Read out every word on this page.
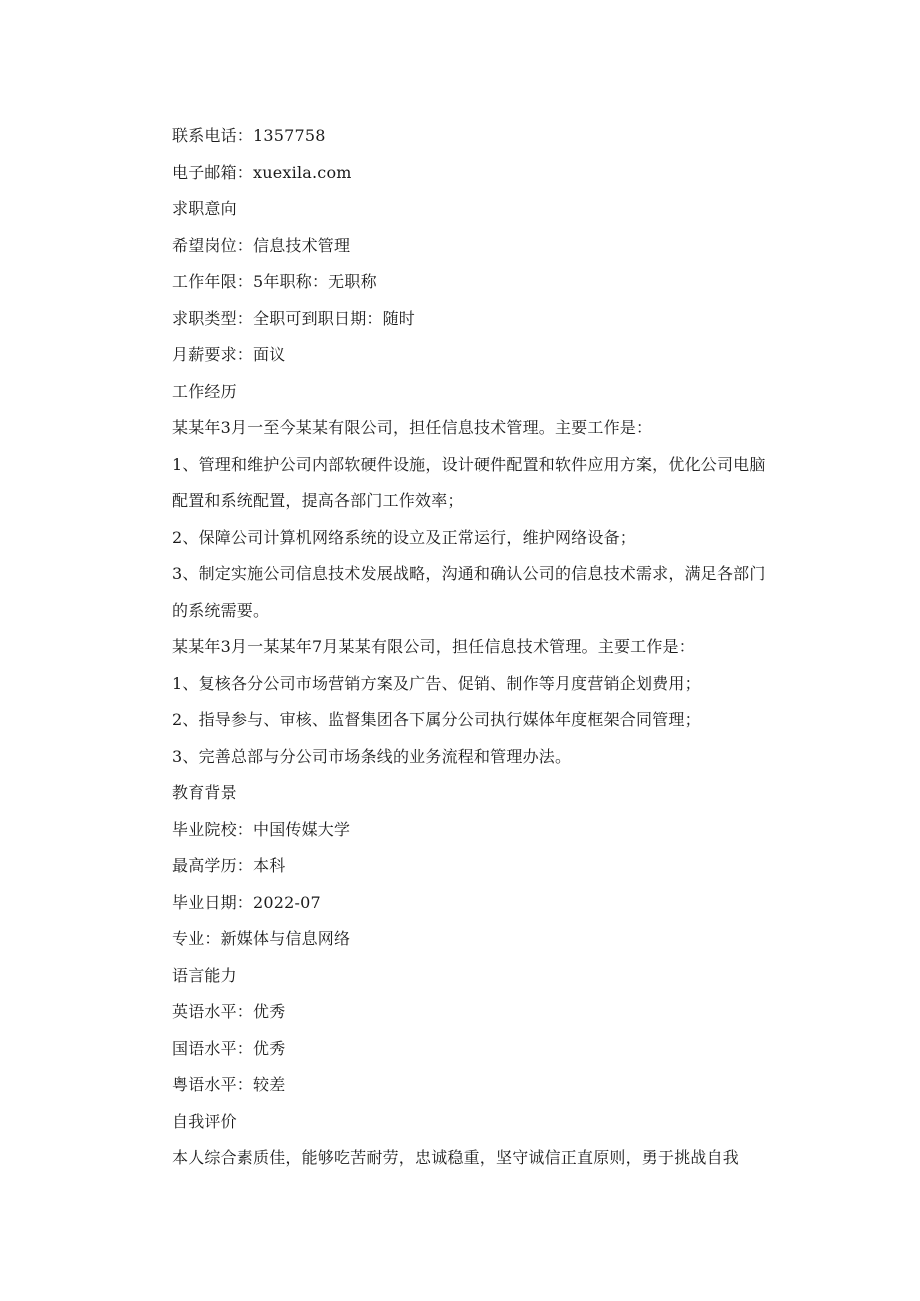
联系电话：1357758
电子邮箱：xuexila.com
求职意向
希望岗位：信息技术管理
工作年限：5年职称：无职称
求职类型：全职可到职日期：随时
月薪要求：面议
工作经历
某某年3月一至今某某有限公司，担任信息技术管理。主要工作是：
1、管理和维护公司内部软硬件设施，设计硬件配置和软件应用方案，优化公司电脑配置和系统配置，提高各部门工作效率；
2、保障公司计算机网络系统的设立及正常运行，维护网络设备；
3、制定实施公司信息技术发展战略，沟通和确认公司的信息技术需求，满足各部门的系统需要。
某某年3月一某某年7月某某有限公司，担任信息技术管理。主要工作是：
1、复核各分公司市场营销方案及广告、促销、制作等月度营销企划费用；
2、指导参与、审核、监督集团各下属分公司执行媒体年度框架合同管理；
3、完善总部与分公司市场条线的业务流程和管理办法。
教育背景
毕业院校：中国传媒大学
最高学历：本科
毕业日期：2022-07
专业：新媒体与信息网络
语言能力
英语水平：优秀
国语水平：优秀
粤语水平：较差
自我评价
本人综合素质佳，能够吃苦耐劳，忠诚稳重，坚守诚信正直原则，勇于挑战自我
